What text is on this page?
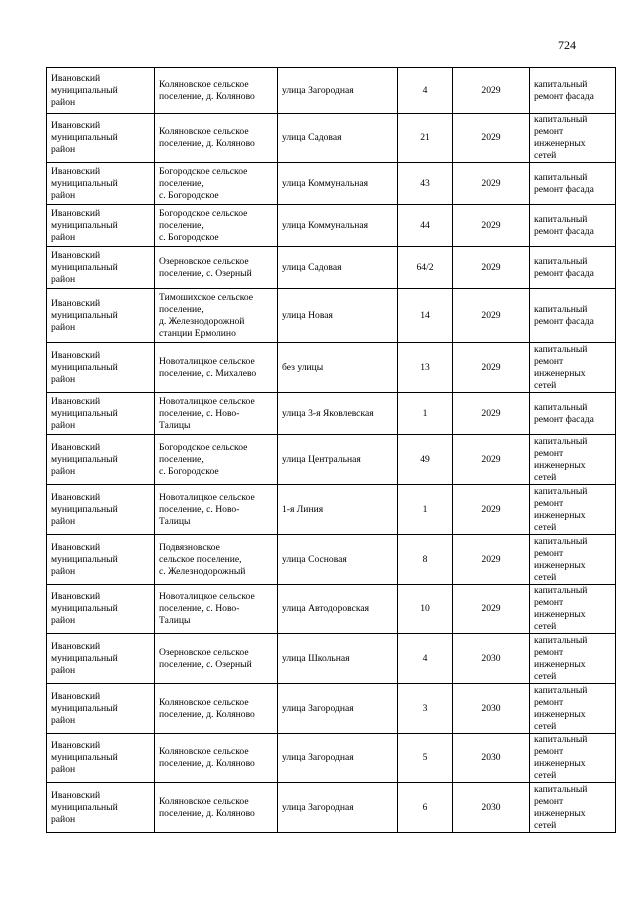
724
Ивановский
муниципальный
район	Коляновское сельское
поселение, д. Коляново	улица Загородная	4	2029	капитальный
ремонт фасада

Ивановский
муниципальный
район	Коляновское сельское
поселение, д. Коляново	улица Садовая	21	2029	капитальный
ремонт
инженерных
сетей

Ивановский
муниципальный
район	Богородское сельское
поселение,
с. Богородское	улица Коммунальная	43	2029	капитальный
ремонт фасада

Ивановский
муниципальный
район	Богородское сельское
поселение,
с. Богородское	улица Коммунальная	44	2029	капитальный
ремонт фасада

Ивановский
муниципальный
район	Озерновское сельское
поселение, с. Озерный	улица Садовая	64/2	2029	капитальный
ремонт фасада

Ивановский
муниципальный
район	Тимошихское сельское
поселение,
д. Железнодорожной
станции Ермолино	улица Новая	14	2029	капитальный
ремонт фасада

Ивановский
муниципальный
район	Новоталицкое сельское
поселение, с. Михалево	без улицы	13	2029	капитальный
ремонт
инженерных
сетей

Ивановский
муниципальный
район	Новоталицкое сельское
поселение, с. Ново-
Талицы	улица 3-я Яковлевская	1	2029	капитальный
ремонт фасада

Ивановский
муниципальный
район	Богородское сельское
поселение,
с. Богородское	улица Центральная	49	2029	капитальный
ремонт
инженерных
сетей

Ивановский
муниципальный
район	Новоталицкое сельское
поселение, с. Ново-
Талицы	1-я Линия	1	2029	капитальный
ремонт
инженерных
сетей

Ивановский
муниципальный
район	Подвязновское
сельское поселение,
с. Железнодорожный	улица Сосновая	8	2029	капитальный
ремонт
инженерных
сетей

Ивановский
муниципальный
район	Новоталицкое сельское
поселение, с. Ново-
Талицы	улица Автодоровская	10	2029	капитальный
ремонт
инженерных
сетей

Ивановский
муниципальный
район	Озерновское сельское
поселение, с. Озерный	улица Школьная	4	2030	капитальный
ремонт
инженерных
сетей

Ивановский
муниципальный
район	Коляновское сельское
поселение, д. Коляново	улица Загородная	3	2030	капитальный
ремонт
инженерных
сетей

Ивановский
муниципальный
район	Коляновское сельское
поселение, д. Коляново	улица Загородная	5	2030	капитальный
ремонт
инженерных
сетей

Ивановский
муниципальный
район	Коляновское сельское
поселение, д. Коляново	улица Загородная	6	2030	капитальный
ремонт
инженерных
сетей
